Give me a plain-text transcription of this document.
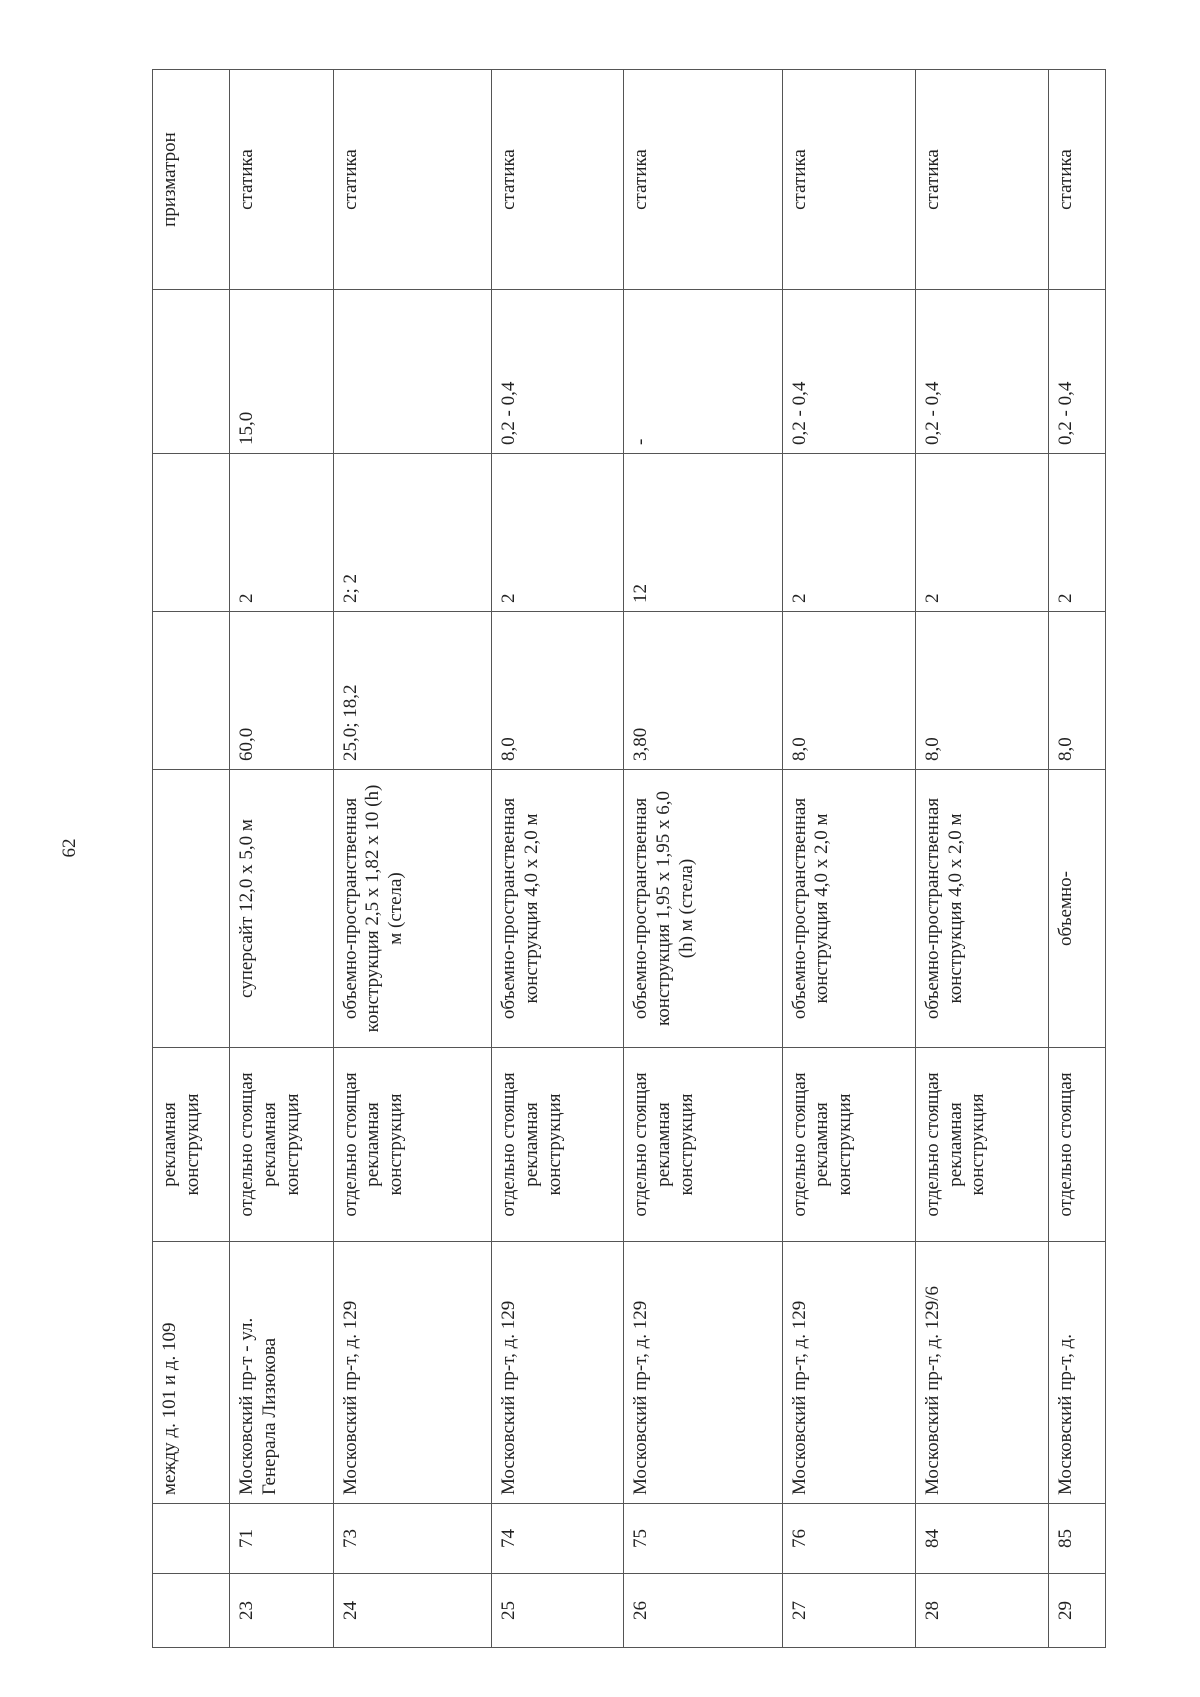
62
		между д. 101 и д. 109	рекламная конструкция					призматрон
23	71	Московский пр-т - ул. Генерала Лизюкова	отдельно стоящая рекламная конструкция	суперсайт 12,0 x 5,0 м	60,0	2	15,0	статика
24	73	Московский пр-т, д. 129	отдельно стоящая рекламная конструкция	объемно-пространственная конструкция 2,5 x 1,82 x 10 (h) м (стела)	25,0; 18,2	2; 2		статика
25	74	Московский пр-т, д. 129	отдельно стоящая рекламная конструкция	объемно-пространственная конструкция 4,0 x 2,0 м	8,0	2	0,2 - 0,4	статика
26	75	Московский пр-т, д. 129	отдельно стоящая рекламная конструкция	объемно-пространственная конструкция 1,95 x 1,95 x 6,0 (h) м (стела)	3,80	12	-	статика
27	76	Московский пр-т, д. 129	отдельно стоящая рекламная конструкция	объемно-пространственная конструкция 4,0 x 2,0 м	8,0	2	0,2 - 0,4	статика
28	84	Московский пр-т, д. 129/6	отдельно стоящая рекламная конструкция	объемно-пространственная конструкция 4,0 x 2,0 м	8,0	2	0,2 - 0,4	статика
29	85	Московский пр-т, д.	отдельно стоящая	объемно-	8,0	2	0,2 - 0,4	статика
